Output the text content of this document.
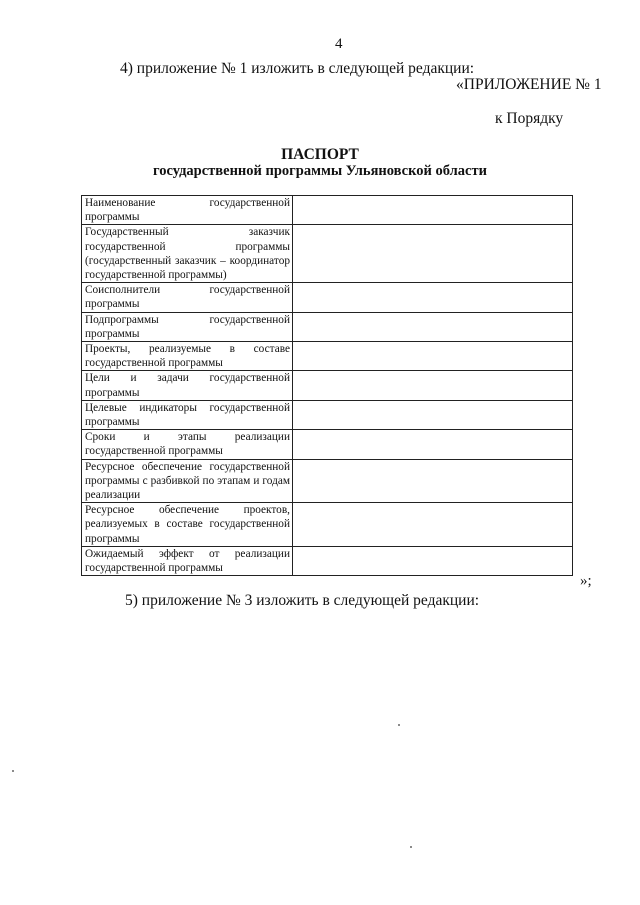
4
4) приложение № 1 изложить в следующей редакции:
«ПРИЛОЖЕНИЕ № 1
к Порядку
ПАСПОРТ
государственной программы Ульяновской области
Наименование государственной программы	
Государственный заказчик государственной программы (государственный заказчик – координатор государственной программы)	
Соисполнители государственной программы	
Подпрограммы государственной программы	
Проекты, реализуемые в составе государственной программы	
Цели и задачи государственной программы	
Целевые индикаторы государственной программы	
Сроки и этапы реализации государственной программы	
Ресурсное обеспечение государственной программы с разбивкой по этапам и годам реализации	
Ресурсное обеспечение проектов, реализуемых в составе государственной программы	
Ожидаемый эффект от реализации государственной программы	
»;
5) приложение № 3 изложить в следующей редакции:
